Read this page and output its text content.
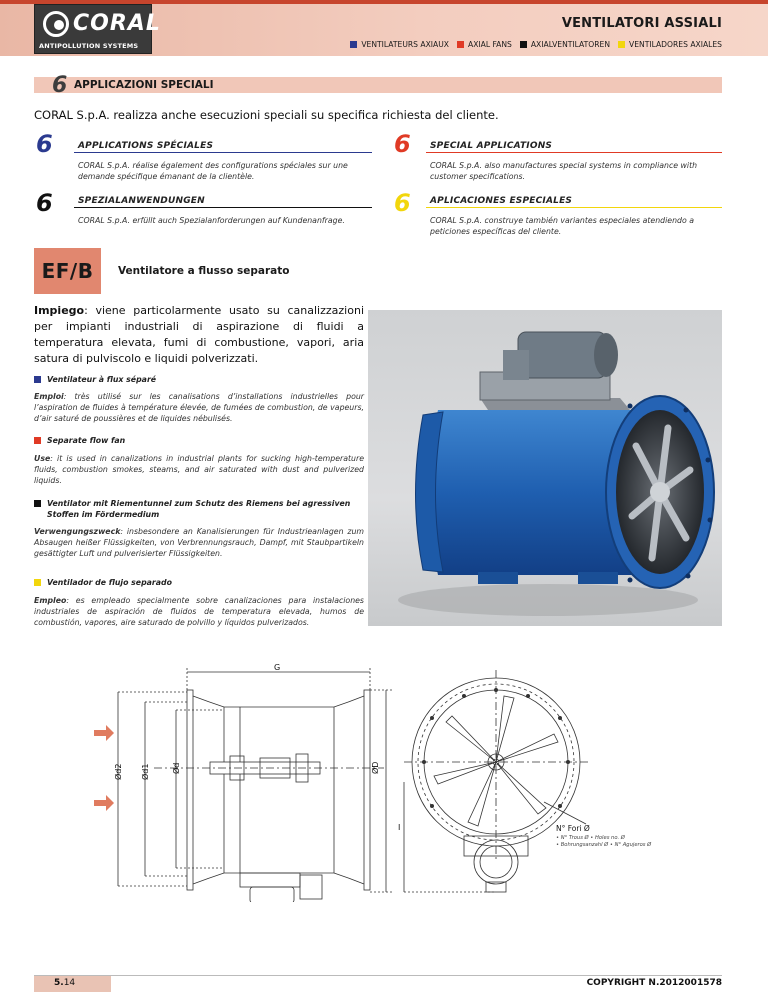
CORAL
ANTIPOLLUTION SYSTEMS
VENTILATORI ASSIALI
VENTILATEURS AXIAUX	AXIAL FANS	AXIALVENTILATOREN	VENTILADORES AXIALES
6 APPLICAZIONI SPECIALI
CORAL S.p.A. realizza anche esecuzioni speciali su specifica richiesta del cliente.
6	APPLICATIONS SPÉCIALES
CORAL S.p.A. réalise également des configurations spéciales sur une demande spécifique émanant de la clientèle.
6 SPECIAL APPLICATIONS
CORAL S.p.A. also manufactures special systems in compliance with customer specifications.
6	SPEZIALANWENDUNGEN
CORAL S.p.A. erfüllt auch Spezialanforderungen auf Kundenanfrage.
6 APLICACIONES ESPECIALES
CORAL S.p.A. construye también variantes especiales atendiendo a peticiones específicas del cliente.
EF/B	Ventilatore a flusso separato
Impiego: viene particolarmente usato su canalizzazioni per impianti industriali di aspirazione di fluidi a temperatura elevata, fumi di combustione, vapori, aria satura di pulviscolo e liquidi polverizzati.
Ventilateur à flux séparé
Emploi: très utilisé sur les canalisations d’installations industrielles pour l’aspiration de fluides à température élevée, de fumées de combustion, de vapeurs, d’air saturé de poussières et de liquides nébulisés.
Separate flow fan
Use: it is used in canalizations in industrial plants for sucking high-temperature fluids, combustion smokes, steams, and air saturated with dust and pulverized liquids.
Ventilator mit Riementunnel zum Schutz des Riemens bei agressiven Stoffen im Fördermedium
Verwengungszweck: insbesondere an Kanalisierungen für Industrieanlagen zum Absaugen heißer Flüssigkeiten, von Verbrennungsrauch, Dampf, mit Staubpartikeln gesättigter Luft und pulverisierter Flüssigkeiten.
Ventilador de flujo separado
Empleo: es empleado specialmente sobre canalizaciones para instalaciones industriales de aspiración de fluidos de temperatura elevada, humos de combustión, vapores, aire saturado de polvillo y líquidos pulverizados.
G
Ød2 Ød1	Ød	ØD
I	N° Fori Ø
• N° Trous Ø • Holes no. Ø
• Bohrungsanzahl Ø • N° Agujeros Ø
5.14	COPYRIGHT N.2012001578
